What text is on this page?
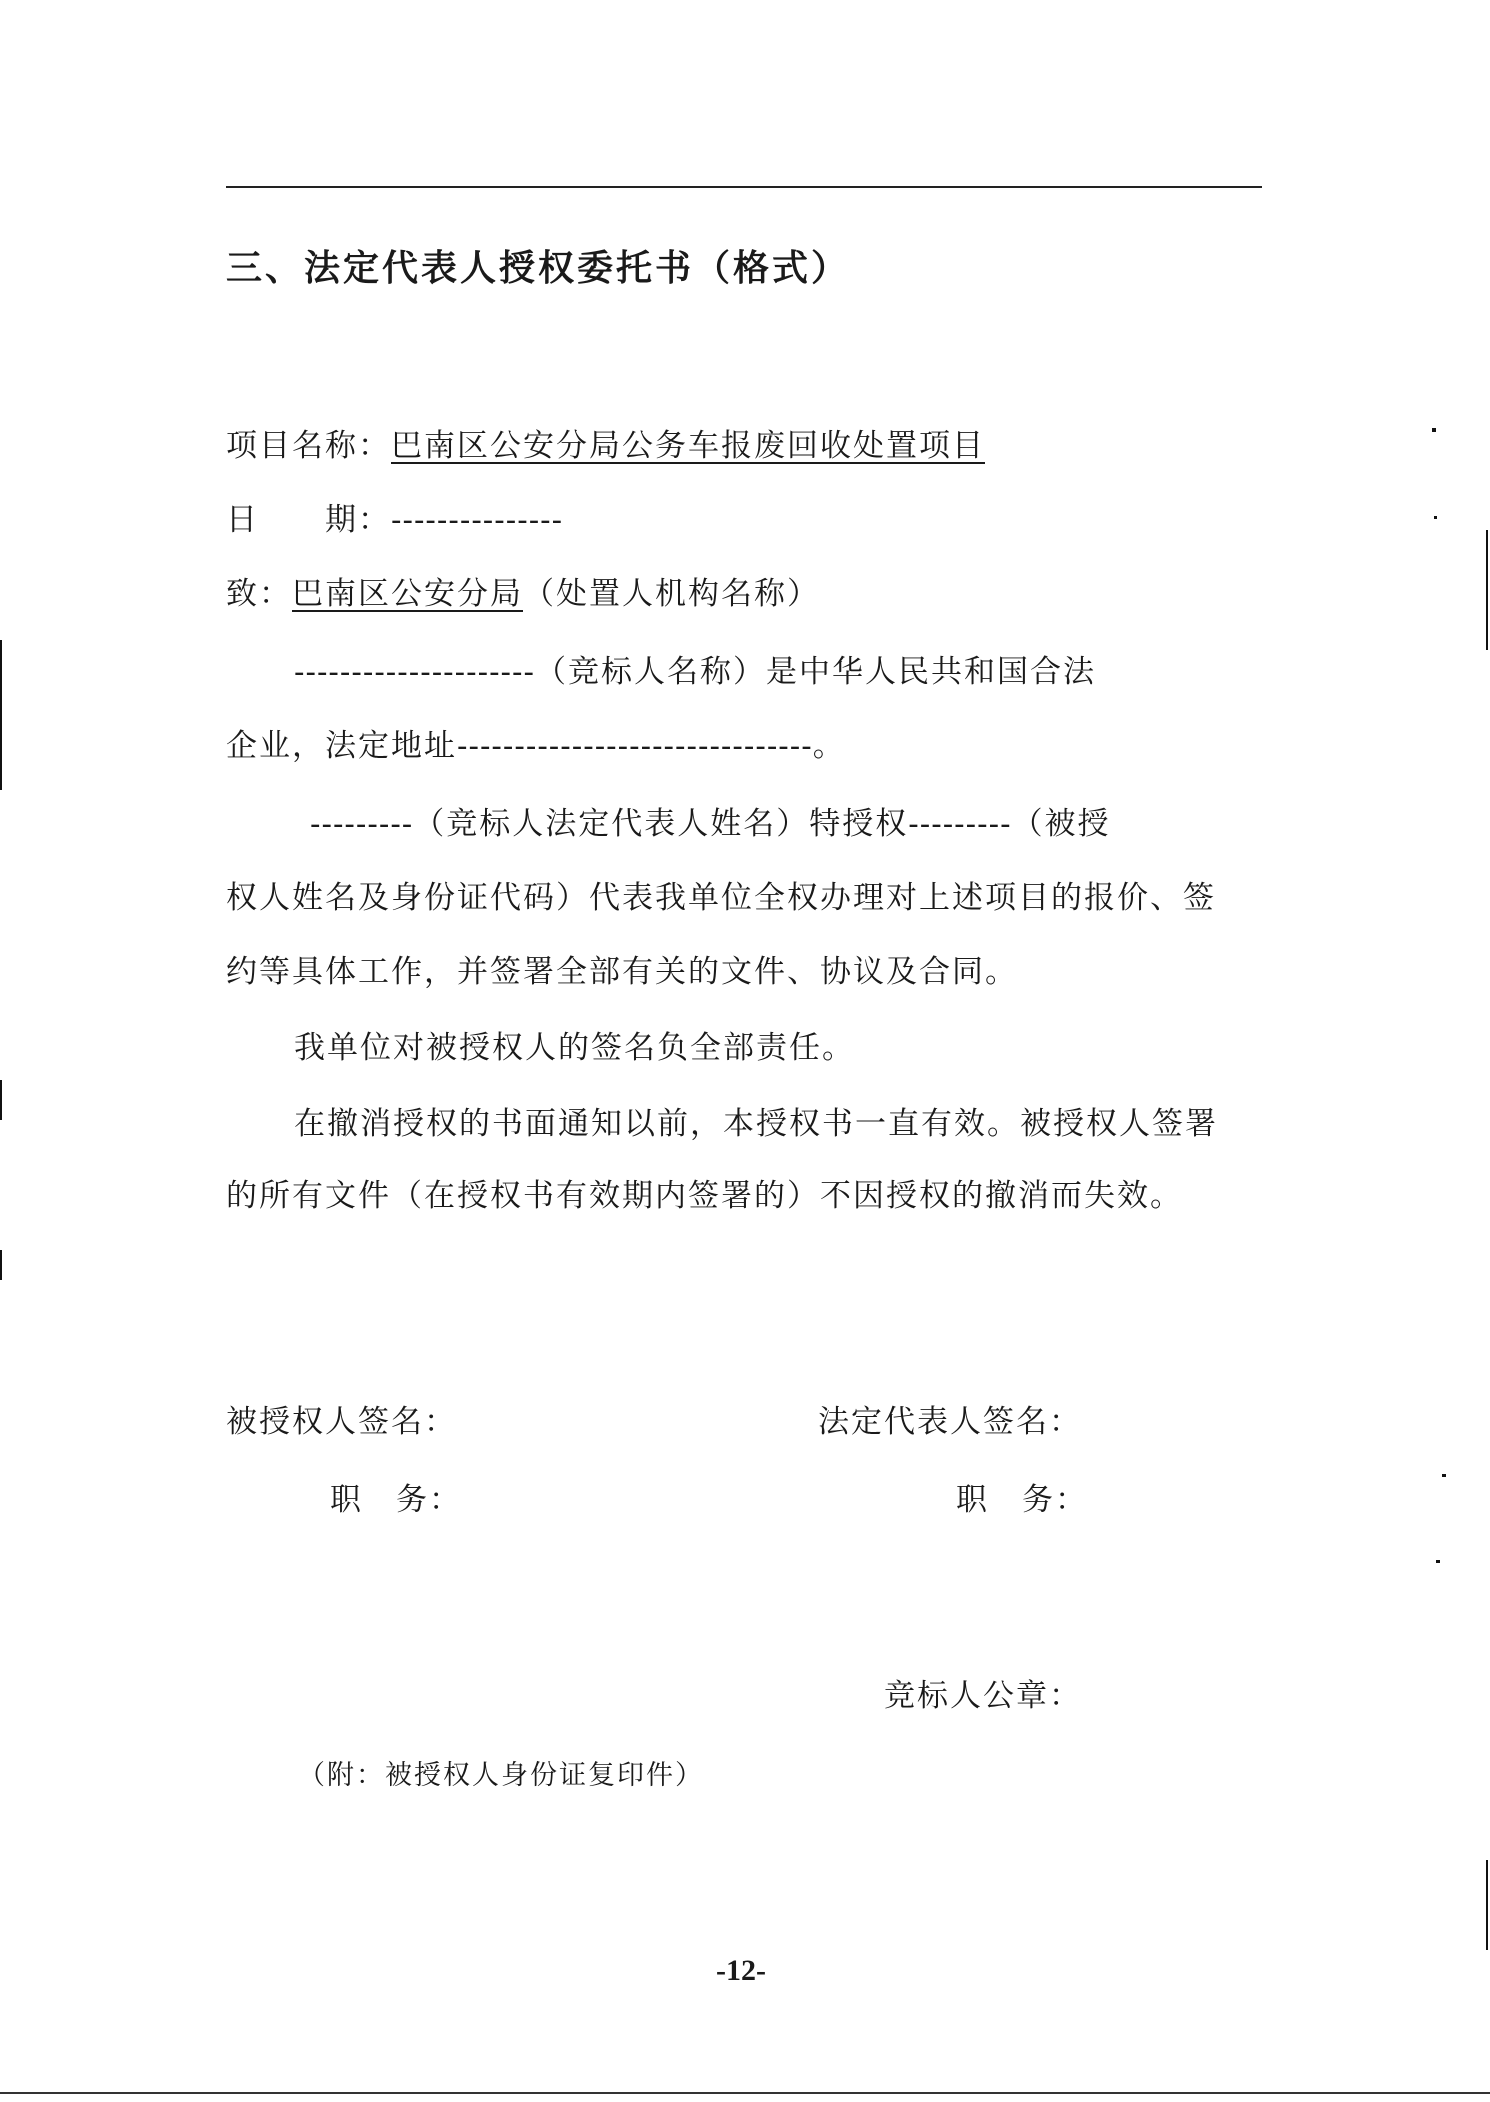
三、法定代表人授权委托书（格式）
项目名称：巴南区公安分局公务车报废回收处置项目
日　　期：---------------
致：巴南区公安分局（处置人机构名称）
---------------------（竞标人名称）是中华人民共和国合法
企业，法定地址-------------------------------。
---------（竞标人法定代表人姓名）特授权---------（被授
权人姓名及身份证代码）代表我单位全权办理对上述项目的报价、签
约等具体工作，并签署全部有关的文件、协议及合同。
我单位对被授权人的签名负全部责任。
在撤消授权的书面通知以前，本授权书一直有效。被授权人签署
的所有文件（在授权书有效期内签署的）不因授权的撤消而失效。
被授权人签名：	法定代表人签名：
职　务：	职　务：
竞标人公章：
（附：被授权人身份证复印件）
-12-
